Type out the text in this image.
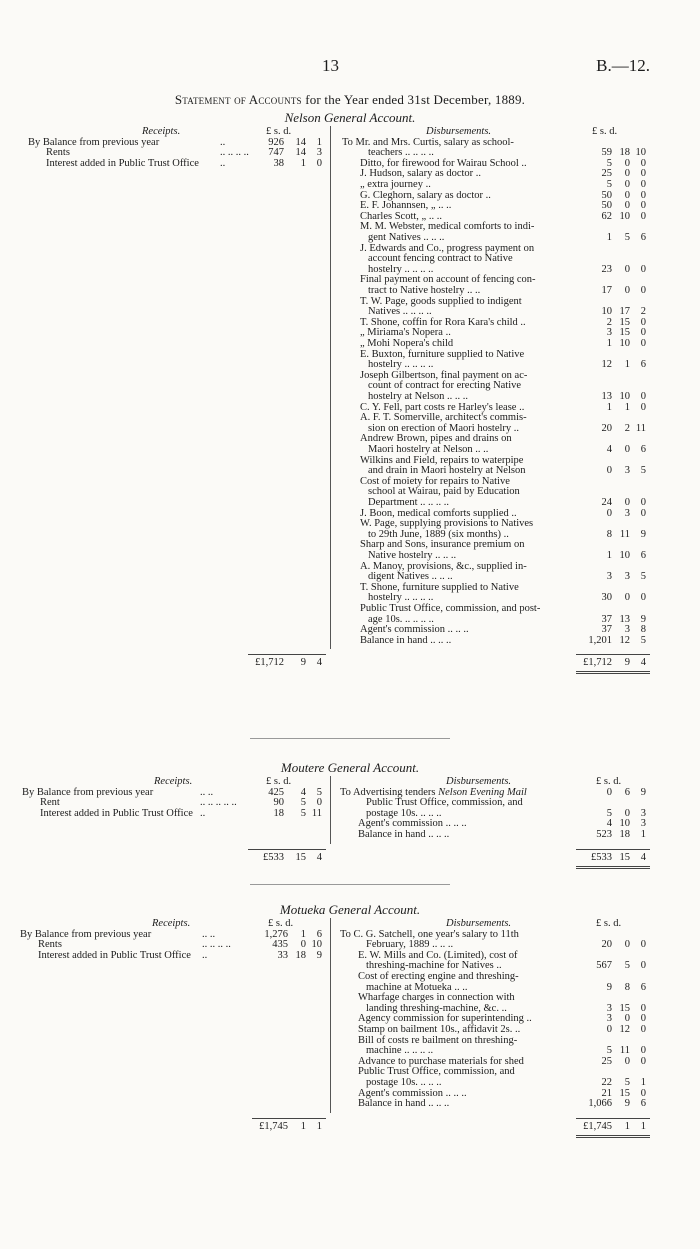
13	B.—12.
Statement of Accounts for the Year ended 31st December, 1889.
Nelson General Account.
Receipts.	£ s. d.	Disbursements.	£ s. d.
By Balance from previous year	..	926 14 1
Rents	.. .. .. .. 747 14 3
Interest added in Public Trust Office ..	38 1 0
To Mr. and Mrs. Curtis, salary as school-
teachers .. .. .. ..	59 18 10
Ditto, for firewood for Wairau School ..	5 0 0
J. Hudson, salary as doctor ..	25 0 0
„ extra journey ..	5 0 0
G. Cleghorn, salary as doctor ..	50 0 0
E. F. Johannsen, „ .. ..	50 0 0
Charles Scott, „ .. ..	62 10 0
M. M. Webster, medical comforts to indi-
gent Natives .. .. ..	1 5 6
J. Edwards and Co., progress payment on
account fencing contract to Native
hostelry .. .. .. ..	23 0 0
Final payment on account of fencing con-
tract to Native hostelry .. ..	17 0 0
T. W. Page, goods supplied to indigent
Natives .. .. .. ..	10 17 2
T. Shone, coffin for Rora Kara's child ..	2 15 0
„ Miriama's Nopera ..	3 15 0
„ Mohi Nopera's child	1 10 0
E. Buxton, furniture supplied to Native
hostelry .. .. .. ..	12 1 6
Joseph Gilbertson, final payment on ac-
count of contract for erecting Native
hostelry at Nelson .. .. ..	13 10 0
C. Y. Fell, part costs re Harley's lease ..	1 1 0
A. F. T. Somerville, architect's commis-
sion on erection of Maori hostelry ..	20 2 11
Andrew Brown, pipes and drains on
Maori hostelry at Nelson .. ..	4 0 6
Wilkins and Field, repairs to waterpipe
and drain in Maori hostelry at Nelson	0 3 5
Cost of moiety for repairs to Native
school at Wairau, paid by Education
Department .. .. .. ..	24 0 0
J. Boon, medical comforts supplied ..	0 3 0
W. Page, supplying provisions to Natives
to 29th June, 1889 (six months) ..	8 11 9
Sharp and Sons, insurance premium on
Native hostelry .. .. ..	1 10 6
A. Manoy, provisions, &c., supplied in-
digent Natives .. .. ..	3 3 5
T. Shone, furniture supplied to Native
hostelry .. .. .. ..	30 0 0
Public Trust Office, commission, and post-
age 10s. .. .. .. ..	37 13 9
Agent's commission .. .. ..	37 3 8
Balance in hand .. .. ..	1,201 12 5
£1,712 9 4	£1,712 9 4
Moutere General Account.
Receipts.	£ s. d.	Disbursements.	£ s. d.
By Balance from previous year	.. ..	425 4 5
Rent	.. .. .. .. ..	90 5 0
Interest added in Public Trust Office ..	18 5 11
To Advertising tenders Nelson Evening Mail	0 6 9
Public Trust Office, commission, and
postage 10s. .. .. ..	5 0 3
Agent's commission .. .. ..	4 10 3
Balance in hand .. .. ..	523 18 1
£533 15 4	£533 15 4
Motueka General Account.
Receipts.	£ s. d.	Disbursements.	£ s. d.
By Balance from previous year	.. ..	1,276 1 6
Rents	.. .. .. ..	435 0 10
Interest added in Public Trust Office ..	33 18 9
To C. G. Satchell, one year's salary to 11th
February, 1889 .. .. ..	20 0 0
E. W. Mills and Co. (Limited), cost of
threshing-machine for Natives ..	567 5 0
Cost of erecting engine and threshing-
machine at Motueka .. ..	9 8 6
Wharfage charges in connection with
landing threshing-machine, &c. ..	3 15 0
Agency commission for superintending ..	3 0 0
Stamp on bailment 10s., affidavit 2s. ..	0 12 0
Bill of costs re bailment on threshing-
machine .. .. .. ..	5 11 0
Advance to purchase materials for shed	25 0 0
Public Trust Office, commission, and
postage 10s. .. .. ..	22 5 1
Agent's commission .. .. ..	21 15 0
Balance in hand .. .. ..	1,066 9 6
£1,745 1 1	£1,745 1 1
